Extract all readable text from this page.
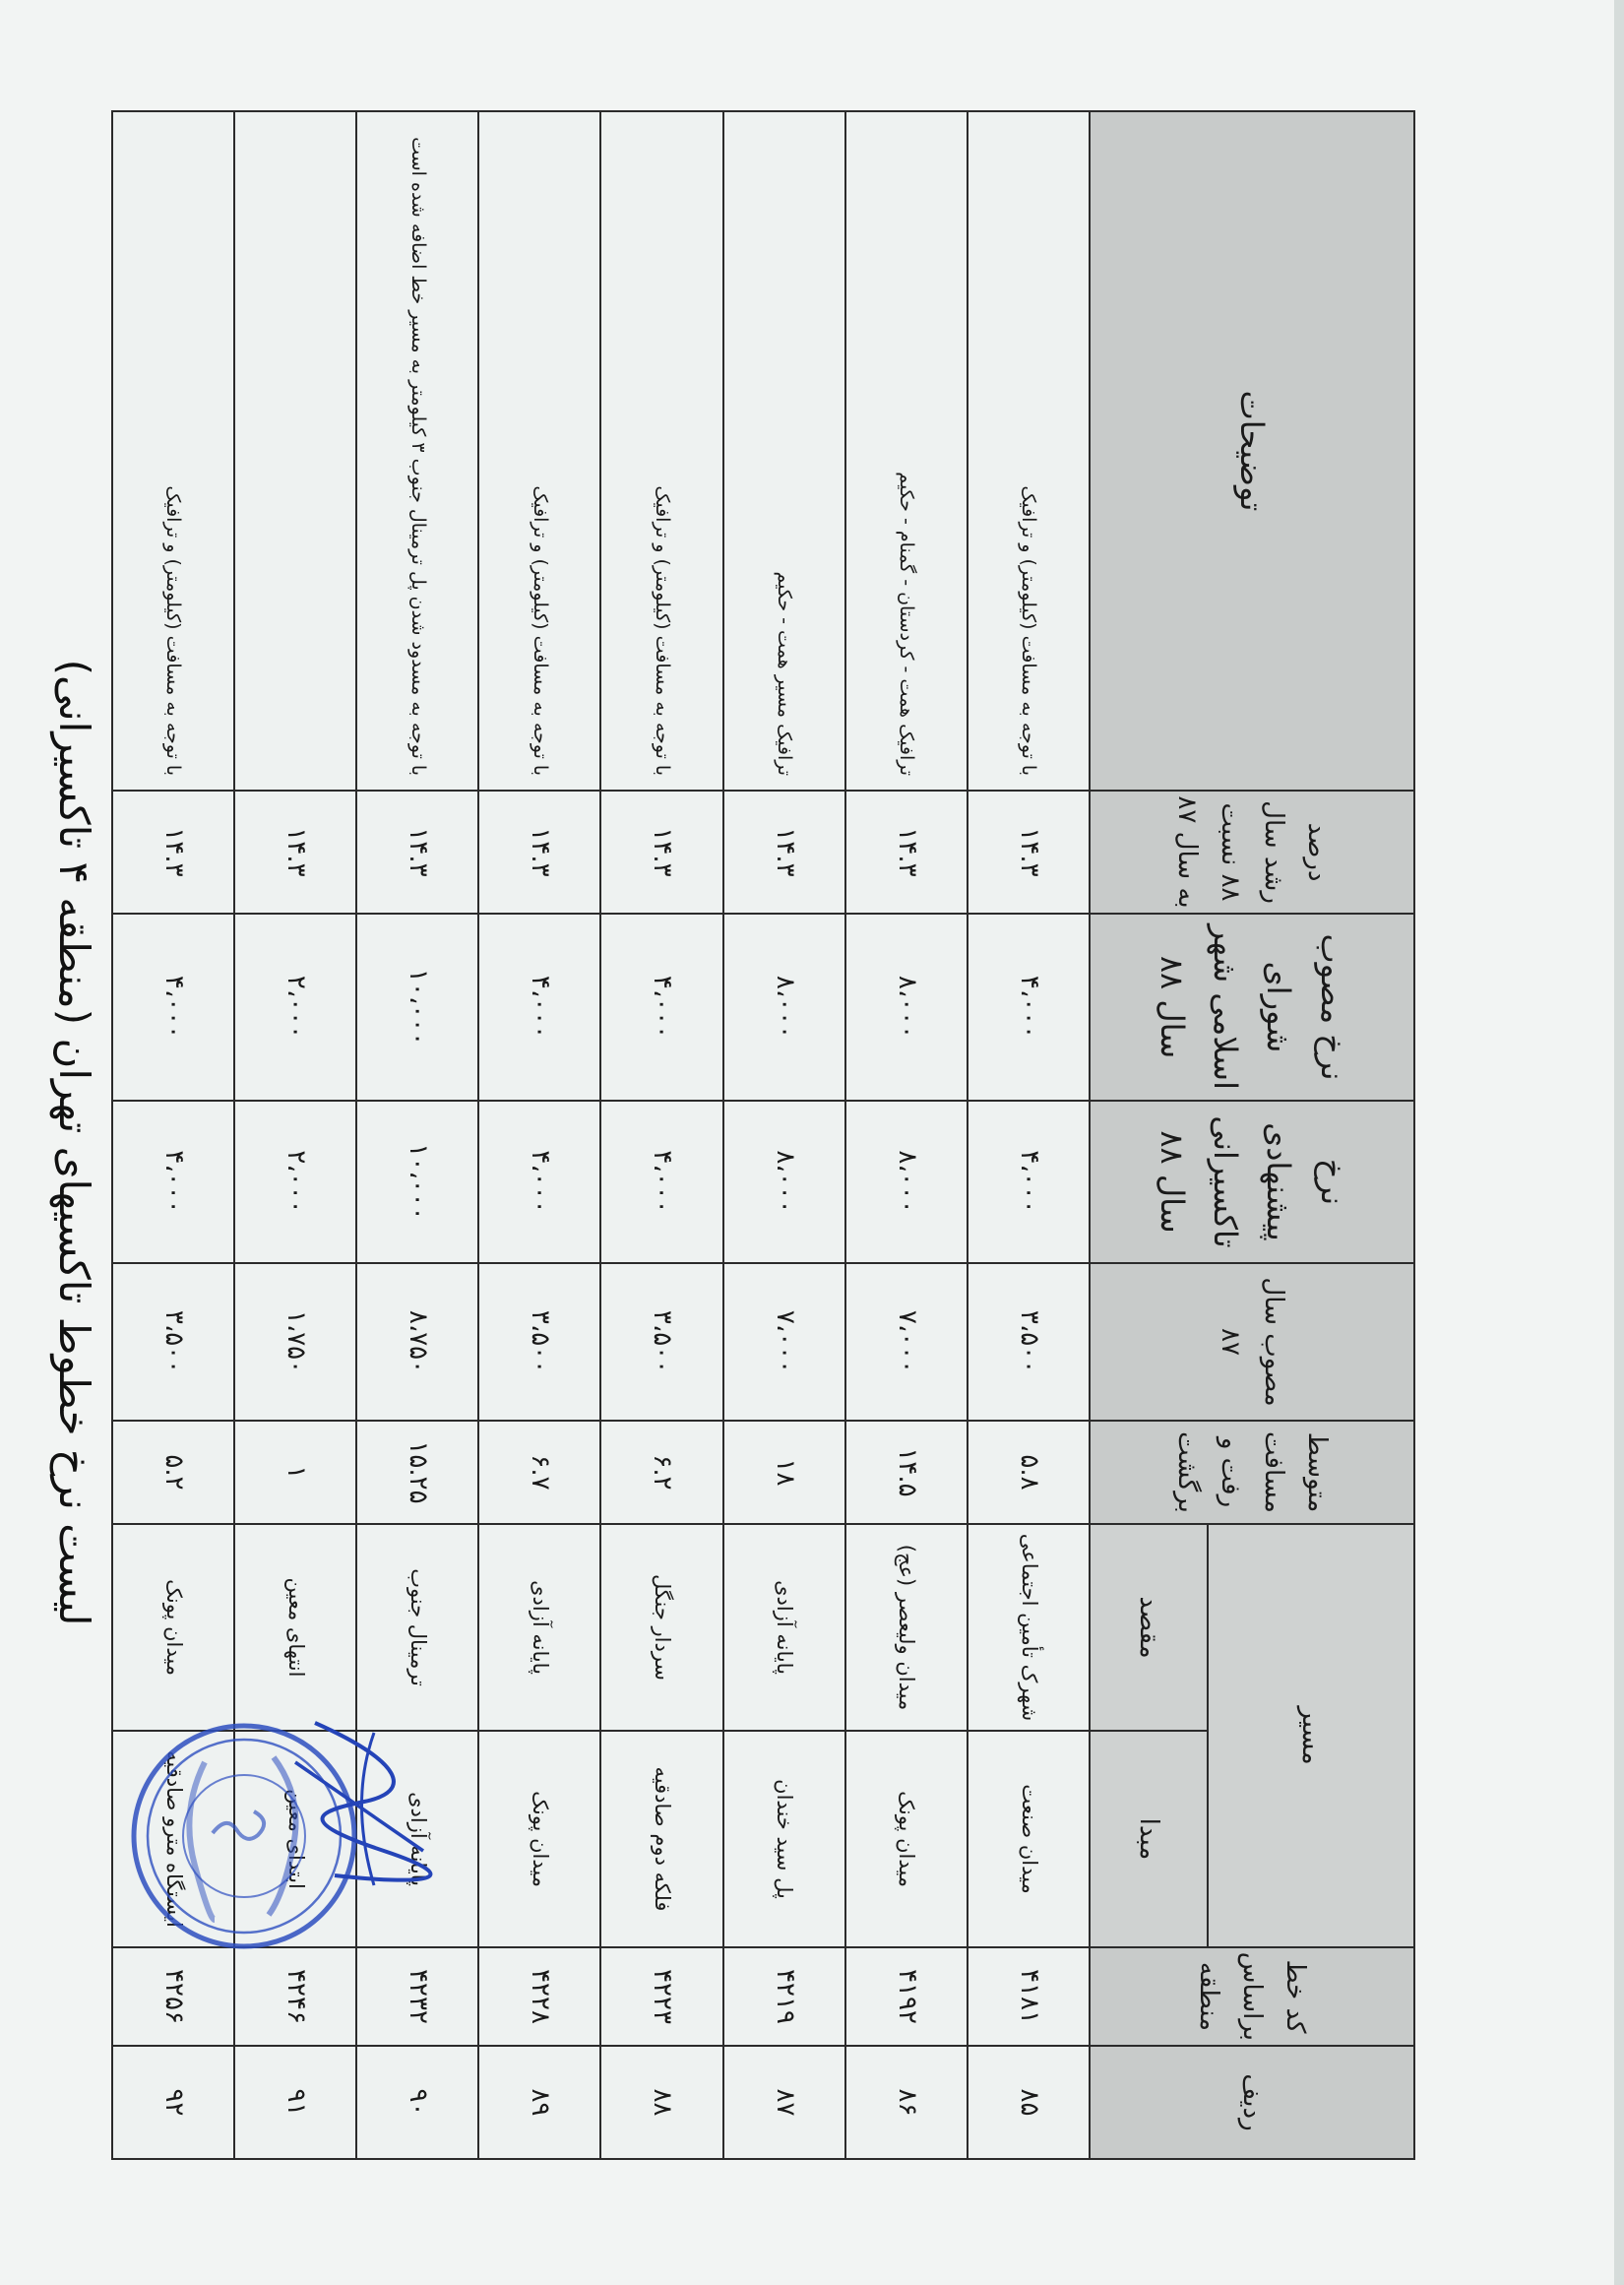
لیست نرخ خطوط تاکسیهای تهران (منطقه ۴ تاکسیرانی)
ردیف	کد خط براساس منطقه	مسیر		متوسط مسافت رفت و برگشت	مصوب سال ۸۷	نرخ پیشنهادی تاکسیرانی سال ۸۸	نرخ مصوب شورای اسلامی شهر سال ۸۸	درصد رشد سال ۸۸ نسبت به سال ۸۷	توضیحات
		مبدا	مقصد						
۸۵	۴۱۸۱	میدان صنعت	شهرک تأمین اجتماعی	۵.۸	۳،۵۰۰	۴،۰۰۰	۴،۰۰۰	۱۴.۳	با توجه به مسافت (کیلومتر) و ترافیک
۸۶	۴۱۹۲	میدان پونک	میدان ولیعصر (عج)	۱۴.۵	۷،۰۰۰	۸،۰۰۰	۸،۰۰۰	۱۴.۳	ترافیک همت - کردستان - گمنام - حکیم
۸۷	۴۲۱۹	پل سید خندان	پایانه آزادی	۱۸	۷،۰۰۰	۸،۰۰۰	۸،۰۰۰	۱۴.۳	ترافیک مسیر همت - حکیم
۸۸	۴۲۲۳	فلکه دوم صادقیه	سردار جنگل	۶.۲	۳،۵۰۰	۴،۰۰۰	۴،۰۰۰	۱۴.۳	با توجه به مسافت (کیلومتر) و ترافیک
۸۹	۴۲۲۸	میدان پونک	پایانه آزادی	۶.۷	۳،۵۰۰	۴،۰۰۰	۴،۰۰۰	۱۴.۳	با توجه به مسافت (کیلومتر) و ترافیک
۹۰	۴۲۳۲	پایانه آزادی	ترمینال جنوب	۱۵.۲۵	۸،۷۵۰	۱۰،۰۰۰	۱۰،۰۰۰	۱۴.۳	با توجه به مسدود شدن پل ترمینال جنوب ۳ کیلومتر به مسیر خط اضافه شده است
۹۱	۴۲۴۶	ابتدای معین	انتهای معین	۱	۱،۷۵۰	۲،۰۰۰	۲،۰۰۰	۱۴.۳	
۹۲	۴۲۵۶	ایستگاه مترو صادقیه	میدان پونک	۵.۲	۳،۵۰۰	۴،۰۰۰	۴،۰۰۰	۱۴.۳	با توجه به مسافت (کیلومتر) و ترافیک
